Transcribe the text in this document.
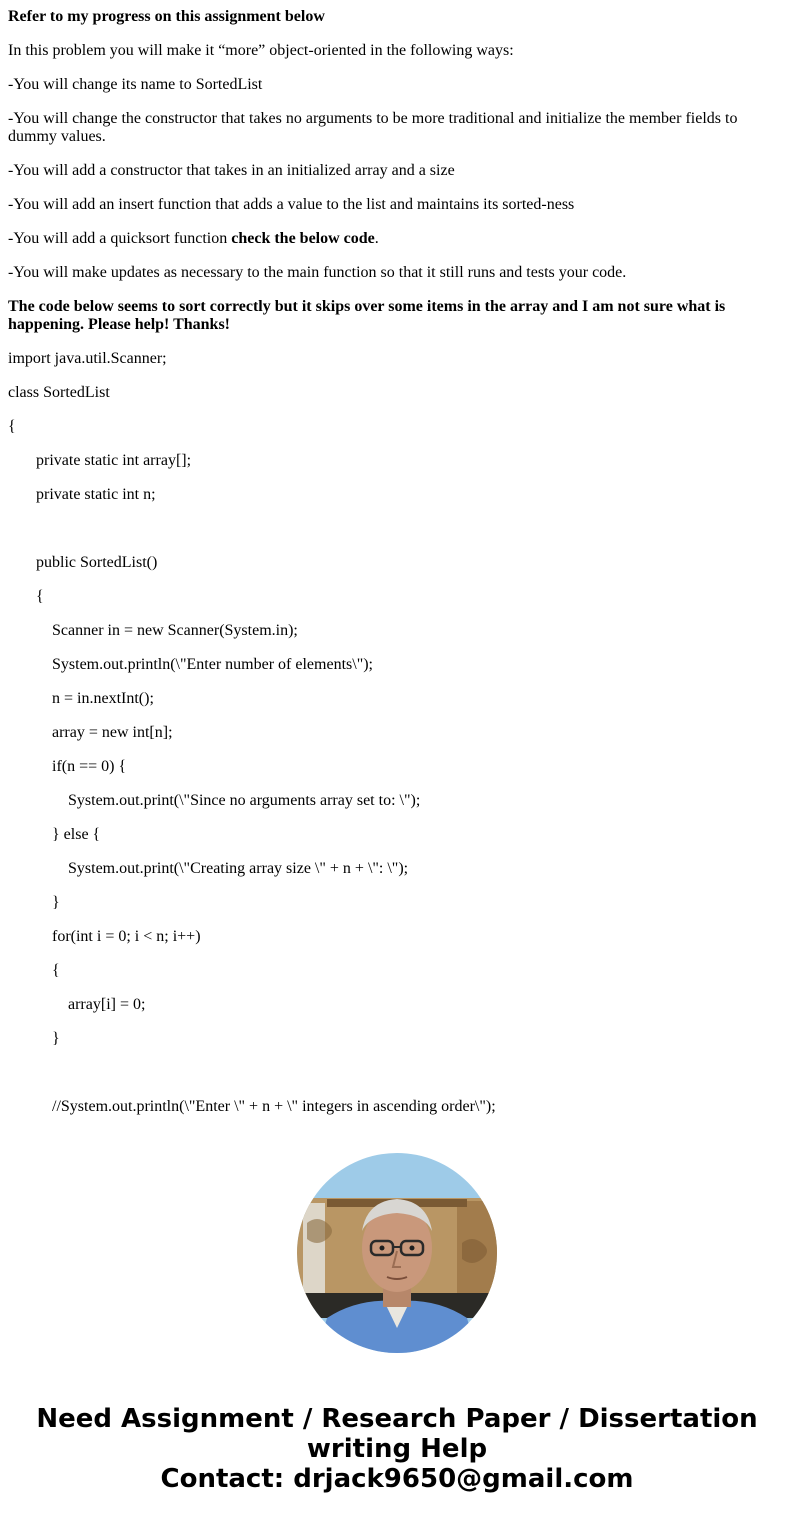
Refer to my progress on this assignment below

In this problem you will make it “more” object-oriented in the following ways:

-You will change its name to SortedList

-You will change the constructor that takes no arguments to be more traditional and initialize the member fields to dummy values.

-You will add a constructor that takes in an initialized array and a size

-You will add an insert function that adds a value to the list and maintains its sorted-ness

-You will add a quicksort function check the below code.

-You will make updates as necessary to the main function so that it still runs and tests your code.

The code below seems to sort correctly but it skips over some items in the array and I am not sure what is happening. Please help! Thanks!

import java.util.Scanner;

class SortedList

{

private static int array[];

private static int n;

public SortedList()

{

Scanner in = new Scanner(System.in);

System.out.println(\"Enter number of elements\");

n = in.nextInt();

array = new int[n];

if(n == 0) {

System.out.print(\"Since no arguments array set to: \");

} else {

System.out.print(\"Creating array size \" + n + \": \");

}

for(int i = 0; i < n; i++)

{

array[i] = 0;

}

//System.out.println(\"Enter \" + n + \" integers in ascending order\");

Need Assignment / Research Paper / Dissertation
writing Help
Contact: drjack9650@gmail.com
